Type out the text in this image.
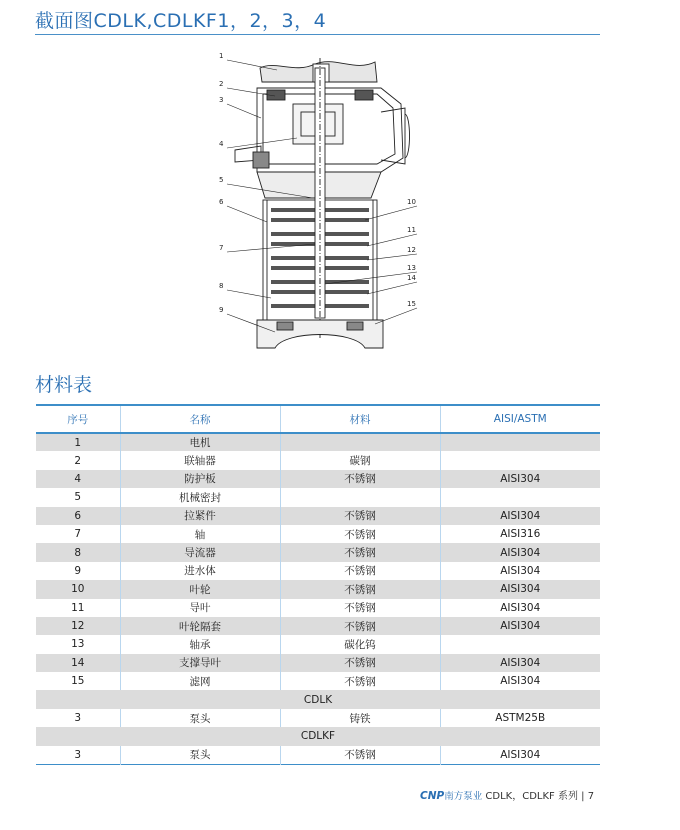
截面图CDLK,CDLKF1，2，3，4
1
2
3
4
5
6
7
8
9
10
11
12
13
14
15
材料表
序号	名称	材料	AISI/ASTM
1	电机		
2	联轴器	碳钢	
4	防护板	不锈钢	AISI304
5	机械密封		
6	拉紧件	不锈钢	AISI304
7	轴	不锈钢	AISI316
8	导流器	不锈钢	AISI304
9	进水体	不锈钢	AISI304
10	叶轮	不锈钢	AISI304
11	导叶	不锈钢	AISI304
12	叶轮隔套	不锈钢	AISI304
13	轴承	碳化钨	
14	支撑导叶	不锈钢	AISI304
15	滤网	不锈钢	AISI304
CDLK			
3	泵头	铸铁	ASTM25B
CDLKF			
3	泵头	不锈钢	AISI304
CNP南方泵业 CDLK，CDLKF 系列 | 7
